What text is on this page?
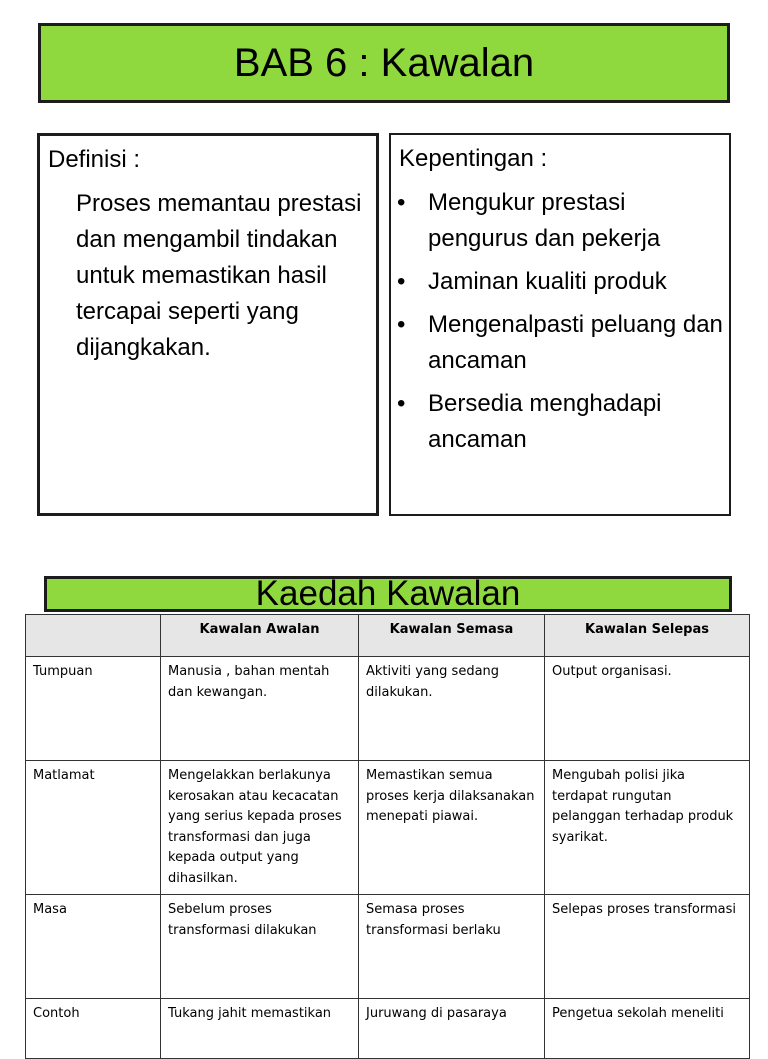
BAB 6 : Kawalan
Definisi :
Proses memantau prestasi dan mengambil tindakan untuk memastikan hasil tercapai seperti yang dijangkakan.
Kepentingan :
• Mengukur prestasi pengurus dan pekerja
• Jaminan kualiti produk
• Mengenalpasti peluang dan ancaman
• Bersedia menghadapi ancaman
Kaedah Kawalan
	Kawalan Awalan	Kawalan Semasa	Kawalan Selepas
Tumpuan	Manusia , bahan mentah dan kewangan.	Aktiviti yang sedang dilakukan.	Output organisasi.
Matlamat	Mengelakkan berlakunya kerosakan atau kecacatan yang serius kepada proses transformasi dan juga kepada output yang dihasilkan.	Memastikan semua proses kerja dilaksanakan menepati piawai.	Mengubah polisi jika terdapat rungutan pelanggan terhadap produk syarikat.
Masa	Sebelum proses transformasi dilakukan	Semasa proses transformasi berlaku	Selepas proses transformasi
Contoh	Tukang jahit memastikan	Juruwang di pasaraya	Pengetua sekolah meneliti
